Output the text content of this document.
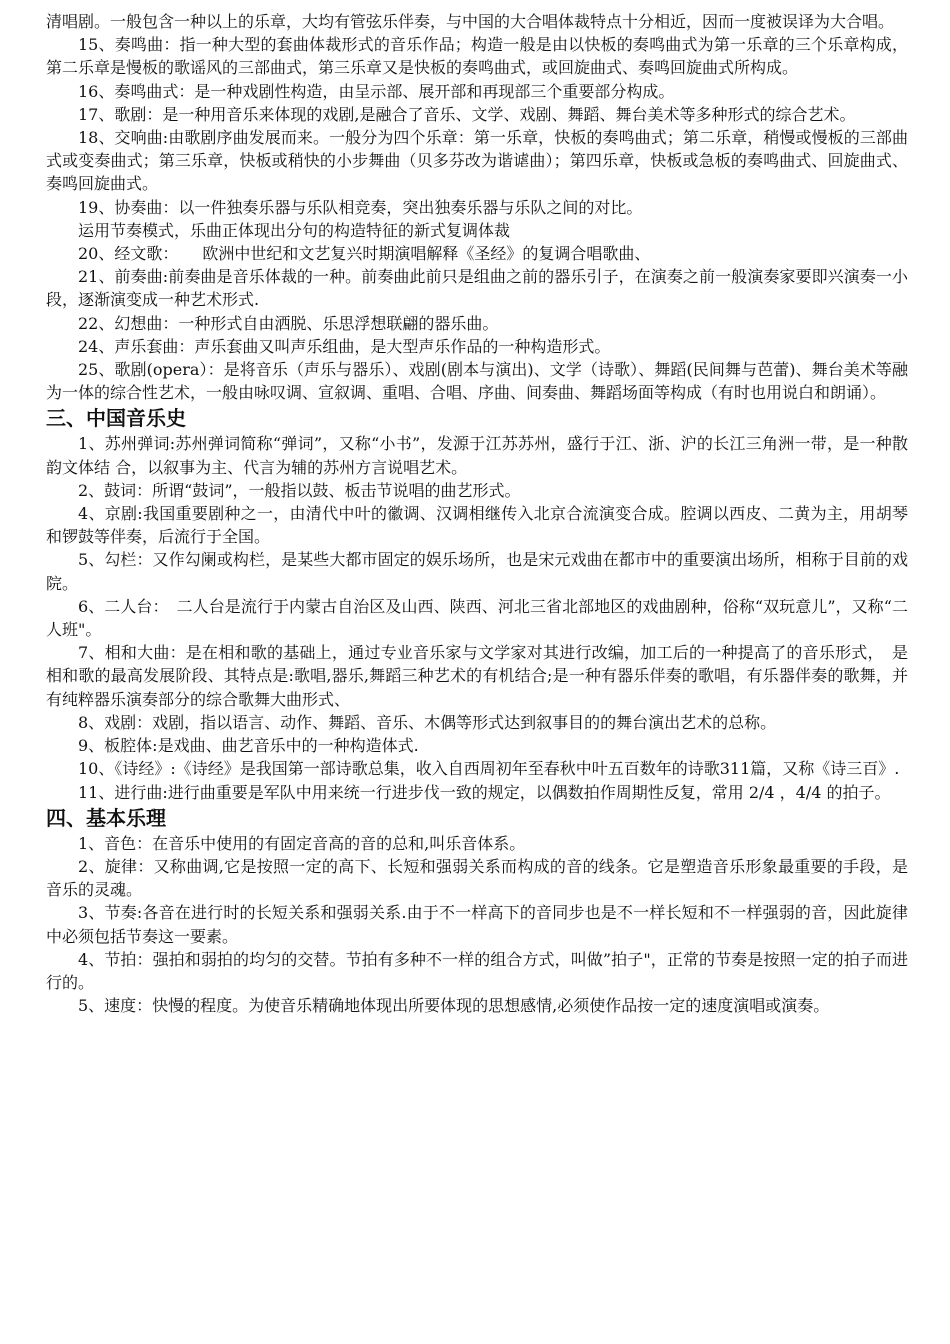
清唱剧。一般包含一种以上的乐章，大均有管弦乐伴奏，与中国的大合唱体裁特点十分相近，因而一度被误译为大合唱。

15、奏鸣曲：指一种大型的套曲体裁形式的音乐作品；构造一般是由以快板的奏鸣曲式为第一乐章的三个乐章构成，第二乐章是慢板的歌谣风的三部曲式，第三乐章又是快板的奏鸣曲式，或回旋曲式、奏鸣回旋曲式所构成。

16、奏鸣曲式：是一种戏剧性构造，由呈示部、展开部和再现部三个重要部分构成。

17、歌剧：是一种用音乐来体现的戏剧,是融合了音乐、文学、戏剧、舞蹈、舞台美术等多种形式的综合艺术。

18、交响曲:由歌剧序曲发展而来。一般分为四个乐章：第一乐章，快板的奏鸣曲式；第二乐章，稍慢或慢板的三部曲式或变奏曲式；第三乐章，快板或稍快的小步舞曲（贝多芬改为谐谑曲）；第四乐章，快板或急板的奏鸣曲式、回旋曲式、奏鸣回旋曲式。

19、协奏曲：以一件独奏乐器与乐队相竞奏，突出独奏乐器与乐队之间的对比。

运用节奏模式，乐曲正体现出分句的构造特征的新式复调体裁

20、经文歌：　　欧洲中世纪和文艺复兴时期演唱解释《圣经》的复调合唱歌曲、

21、前奏曲:前奏曲是音乐体裁的一种。前奏曲此前只是组曲之前的器乐引子，在演奏之前一般演奏家要即兴演奏一小段，逐渐演变成一种艺术形式.

22、幻想曲：一种形式自由洒脱、乐思浮想联翩的器乐曲。

24、声乐套曲：声乐套曲又叫声乐组曲，是大型声乐作品的一种构造形式。

25、歌剧(opera）：是将音乐（声乐与器乐）、戏剧(剧本与演出)、文学（诗歌）、舞蹈(民间舞与芭蕾)、舞台美术等融为一体的综合性艺术，一般由咏叹调、宣叙调、重唱、合唱、序曲、间奏曲、舞蹈场面等构成（有时也用说白和朗诵）。

三、中国音乐史

1、苏州弹词:苏州弹词简称“弹词”，又称“小书”，发源于江苏苏州，盛行于江、浙、沪的长江三角洲一带，是一种散韵文体结 合，以叙事为主、代言为辅的苏州方言说唱艺术。

2、鼓词：所谓“鼓词”，一般指以鼓、板击节说唱的曲艺形式。

4、京剧:我国重要剧种之一，由清代中叶的徽调、汉调相继传入北京合流演变合成。腔调以西皮、二黄为主，用胡琴和锣鼓等伴奏，后流行于全国。

5、勾栏：又作勾阑或构栏，是某些大都市固定的娱乐场所，也是宋元戏曲在都市中的重要演出场所，相称于目前的戏院。

6、二人台：　二人台是流行于内蒙古自治区及山西、陕西、河北三省北部地区的戏曲剧种，俗称“双玩意儿”，又称“二人班"。

7、相和大曲：是在相和歌的基础上，通过专业音乐家与文学家对其进行改编，加工后的一种提高了的音乐形式，　是相和歌的最高发展阶段、其特点是:歌唱,器乐,舞蹈三种艺术的有机结合;是一种有器乐伴奏的歌唱，有乐器伴奏的歌舞，并有纯粹器乐演奏部分的综合歌舞大曲形式、

8、戏剧：戏剧，指以语言、动作、舞蹈、音乐、木偶等形式达到叙事目的的舞台演出艺术的总称。

9、板腔体:是戏曲、曲艺音乐中的一种构造体式.

10、《诗经》:《诗经》是我国第一部诗歌总集，收入自西周初年至春秋中叶五百数年的诗歌311篇，又称《诗三百》.

11、进行曲:进行曲重要是军队中用来统一行进步伐一致的规定，以偶数拍作周期性反复，常用 2/4 ，4/4 的拍子。

四、基本乐理

1、音色：在音乐中使用的有固定音高的音的总和,叫乐音体系。

2、旋律：又称曲调,它是按照一定的高下、长短和强弱关系而构成的音的线条。它是塑造音乐形象最重要的手段，是音乐的灵魂。

3、节奏:各音在进行时的长短关系和强弱关系.由于不一样高下的音同步也是不一样长短和不一样强弱的音，因此旋律中必须包括节奏这一要素。

4、节拍：强拍和弱拍的均匀的交替。节拍有多种不一样的组合方式，叫做”拍子"，正常的节奏是按照一定的拍子而进行的。

5、速度：快慢的程度。为使音乐精确地体现出所要体现的思想感情,必须使作品按一定的速度演唱或演奏。
